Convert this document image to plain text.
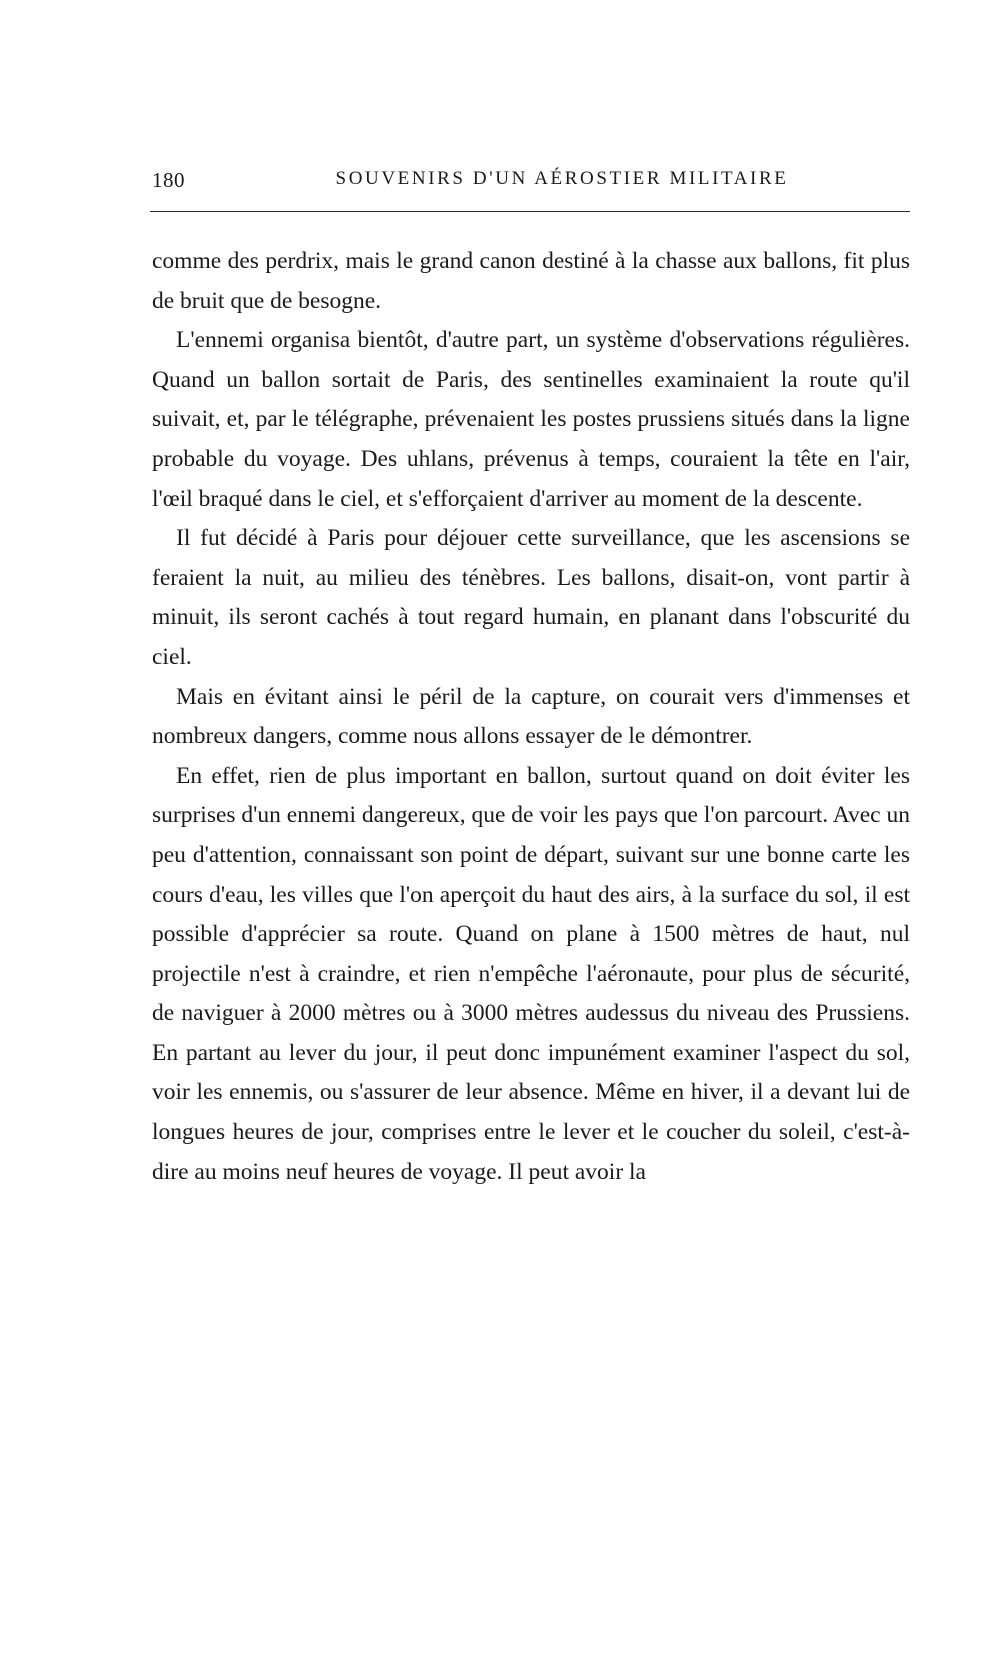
180	SOUVENIRS D'UN AÉROSTIER MILITAIRE

comme des perdrix, mais le grand canon destiné à la chasse aux ballons, fit plus de bruit que de besogne.

L'ennemi organisa bientôt, d'autre part, un système d'observations régulières. Quand un ballon sortait de Paris, des sentinelles examinaient la route qu'il suivait, et, par le télégraphe, prévenaient les postes prussiens situés dans la ligne probable du voyage. Des uhlans, prévenus à temps, couraient la tête en l'air, l'œil braqué dans le ciel, et s'efforçaient d'arriver au moment de la descente.

Il fut décidé à Paris pour déjouer cette surveillance, que les ascensions se feraient la nuit, au milieu des ténèbres. Les ballons, disait-on, vont partir à minuit, ils seront cachés à tout regard humain, en planant dans l'obscurité du ciel.

Mais en évitant ainsi le péril de la capture, on courait vers d'immenses et nombreux dangers, comme nous allons essayer de le démontrer.

En effet, rien de plus important en ballon, surtout quand on doit éviter les surprises d'un ennemi dangereux, que de voir les pays que l'on parcourt. Avec un peu d'attention, connaissant son point de départ, suivant sur une bonne carte les cours d'eau, les villes que l'on aperçoit du haut des airs, à la surface du sol, il est possible d'apprécier sa route. Quand on plane à 1500 mètres de haut, nul projectile n'est à craindre, et rien n'empêche l'aéronaute, pour plus de sécurité, de naviguer à 2000 mètres ou à 3000 mètres audessus du niveau des Prussiens. En partant au lever du jour, il peut donc impunément examiner l'aspect du sol, voir les ennemis, ou s'assurer de leur absence. Même en hiver, il a devant lui de longues heures de jour, comprises entre le lever et le coucher du soleil, c'est-à-dire au moins neuf heures de voyage. Il peut avoir la
